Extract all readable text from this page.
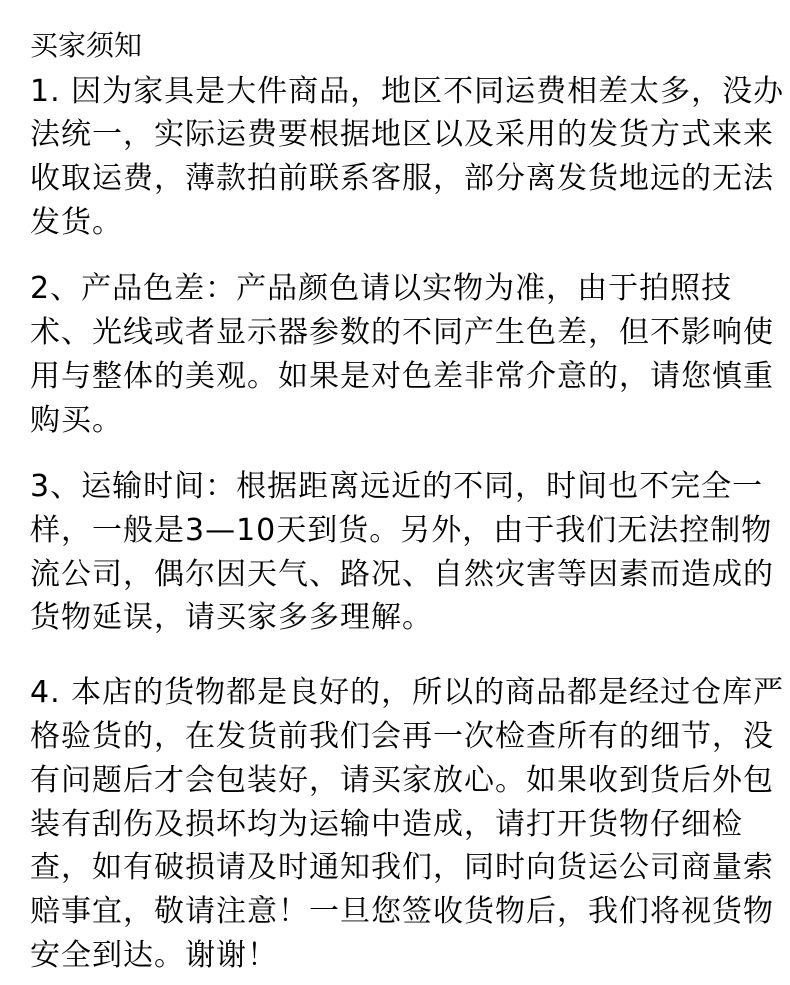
买家须知
1. 因为家具是大件商品，地区不同运费相差太多，没办
法统一，实际运费要根据地区以及采用的发货方式来来
收取运费，薄款拍前联系客服，部分离发货地远的无法
发货。
2、产品色差：产品颜色请以实物为准，由于拍照技
术、光线或者显示器参数的不同产生色差，但不影响使
用与整体的美观。如果是对色差非常介意的，请您慎重
购买。
3、运输时间：根据距离远近的不同，时间也不完全一
样，一般是3—10天到货。另外，由于我们无法控制物
流公司，偶尔因天气、路况、自然灾害等因素而造成的
货物延误，请买家多多理解。
4. 本店的货物都是良好的，所以的商品都是经过仓库严
格验货的，在发货前我们会再一次检查所有的细节，没
有问题后才会包装好，请买家放心。如果收到货后外包
装有刮伤及损坏均为运输中造成，请打开货物仔细检
查，如有破损请及时通知我们，同时向货运公司商量索
赔事宜，敬请注意！一旦您签收货物后，我们将视货物
安全到达。谢谢！
